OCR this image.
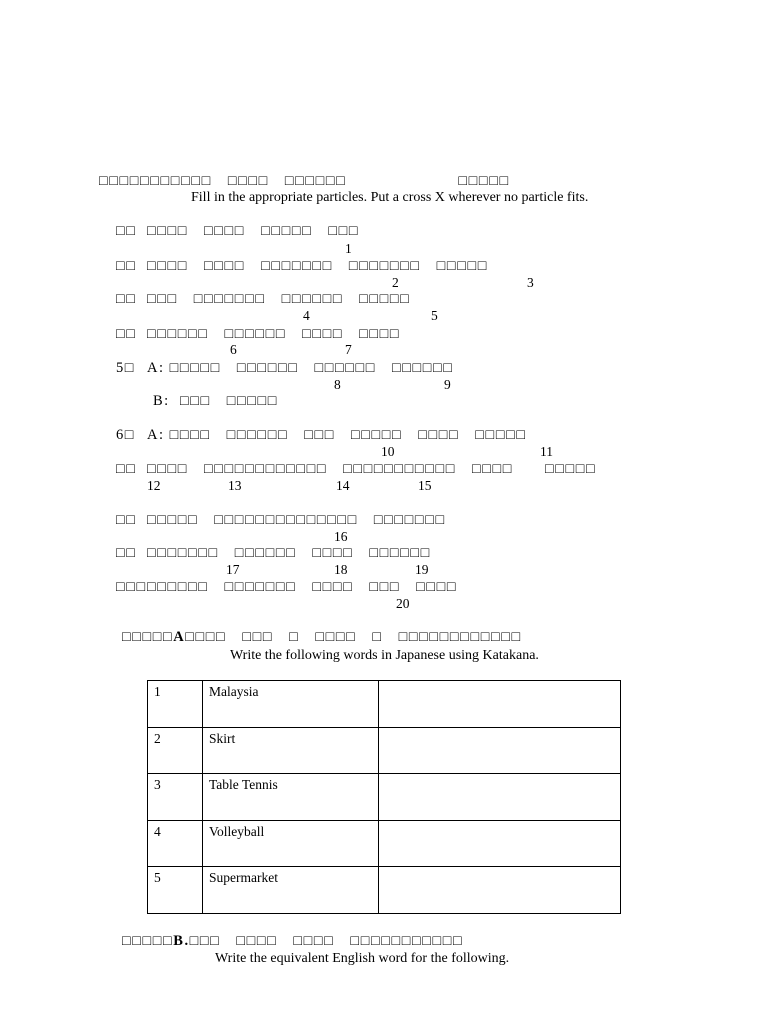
□□□□□□□□□□□　□□□□　□□□□□□　　　　　　　□□□□□
Fill in the appropriate particles. Put a cross X wherever no particle fits.
□□ □□□□　□□□□　□□□□□　□□□
1
□□ □□□□　□□□□　□□□□□□□　□□□□□□□　□□□□□
2	3
□□ □□□　□□□□□□□　□□□□□□　□□□□□
4	5
□□ □□□□□□　□□□□□□　□□□□　□□□□
6	7
5□ A: □□□□□　□□□□□□　□□□□□□　□□□□□□
8	9
B:  □□□　□□□□□
6□ A: □□□□　□□□□□□　□□□　□□□□□　□□□□　□□□□□
10	11
□□ □□□□　□□□□□□□□□□□□　□□□□□□□□□□□　□□□□　　□□□□□
12	13	14	15
□□ □□□□□　□□□□□□□□□□□□□□　□□□□□□□
16
□□ □□□□□□□　□□□□□□　□□□□　□□□□□□
17	18	19
□□□ □□□□□□　□□□□□□□　□□□□　□□□　□□□□
20
□□□□□A□□□□　□□□　□　□□□□　□　□□□□□□□□□□□□
Write the following words in Japanese using Katakana.
1	Malaysia	
2	Skirt	
3	Table Tennis	
4	Volleyball	
5	Supermarket	
□□□□□B.□□□　□□□□　□□□□　□□□□□□□□□□□
Write the equivalent English word for the following.
